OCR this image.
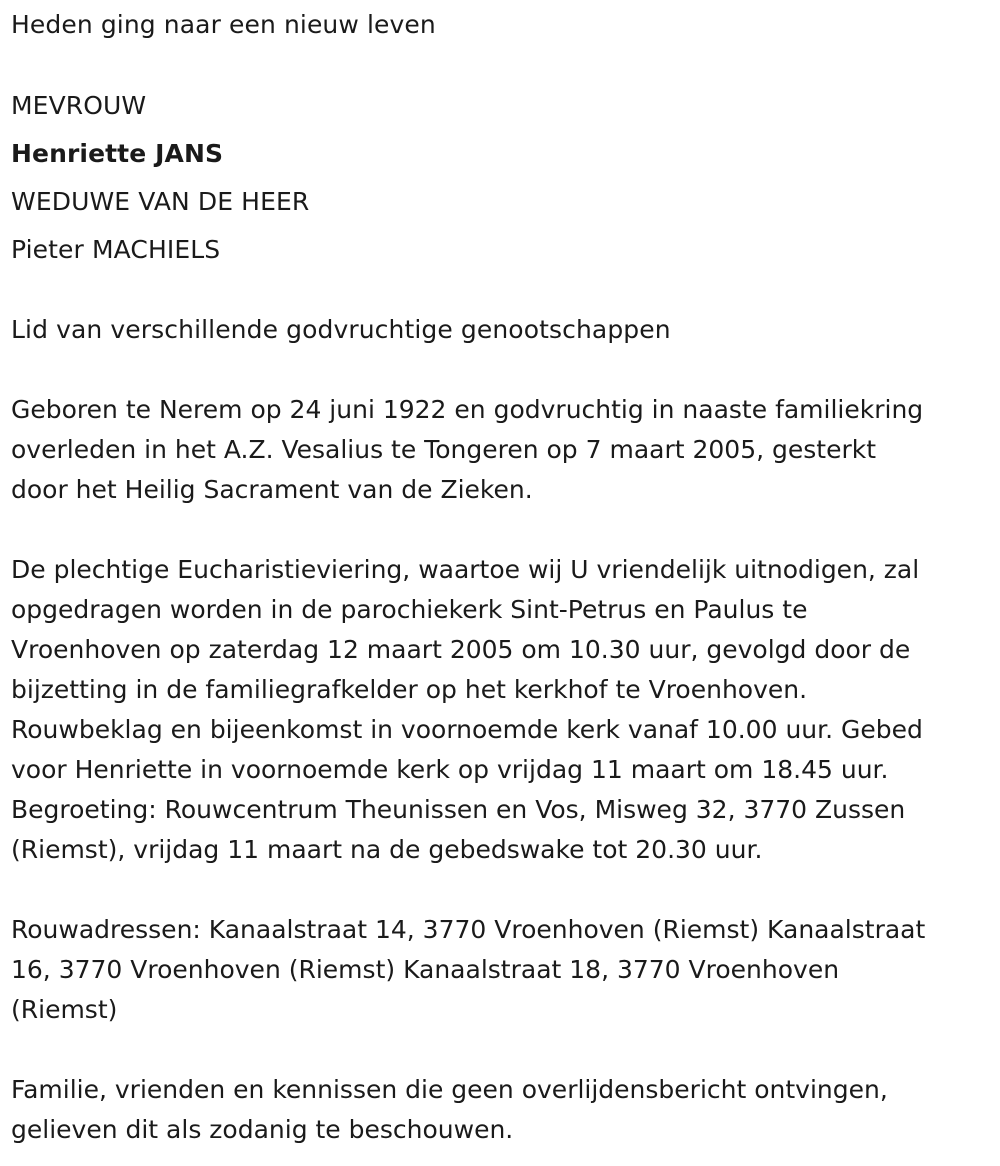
Heden ging naar een nieuw leven
MEVROUW
Henriette JANS
WEDUWE VAN DE HEER
Pieter MACHIELS
Lid van verschillende godvruchtige genootschappen
Geboren te Nerem op 24 juni 1922 en godvruchtig in naaste familiekring
overleden in het A.Z. Vesalius te Tongeren op 7 maart 2005, gesterkt
door het Heilig Sacrament van de Zieken.
De plechtige Eucharistieviering, waartoe wij U vriendelijk uitnodigen, zal
opgedragen worden in de parochiekerk Sint-Petrus en Paulus te
Vroenhoven op zaterdag 12 maart 2005 om 10.30 uur, gevolgd door de
bijzetting in de familiegrafkelder op het kerkhof te Vroenhoven.
Rouwbeklag en bijeenkomst in voornoemde kerk vanaf 10.00 uur. Gebed
voor Henriette in voornoemde kerk op vrijdag 11 maart om 18.45 uur.
Begroeting: Rouwcentrum Theunissen en Vos, Misweg 32, 3770 Zussen
(Riemst), vrijdag 11 maart na de gebedswake tot 20.30 uur.
Rouwadressen: Kanaalstraat 14, 3770 Vroenhoven (Riemst) Kanaalstraat
16, 3770 Vroenhoven (Riemst) Kanaalstraat 18, 3770 Vroenhoven
(Riemst)
Familie, vrienden en kennissen die geen overlijdensbericht ontvingen,
gelieven dit als zodanig te beschouwen.
